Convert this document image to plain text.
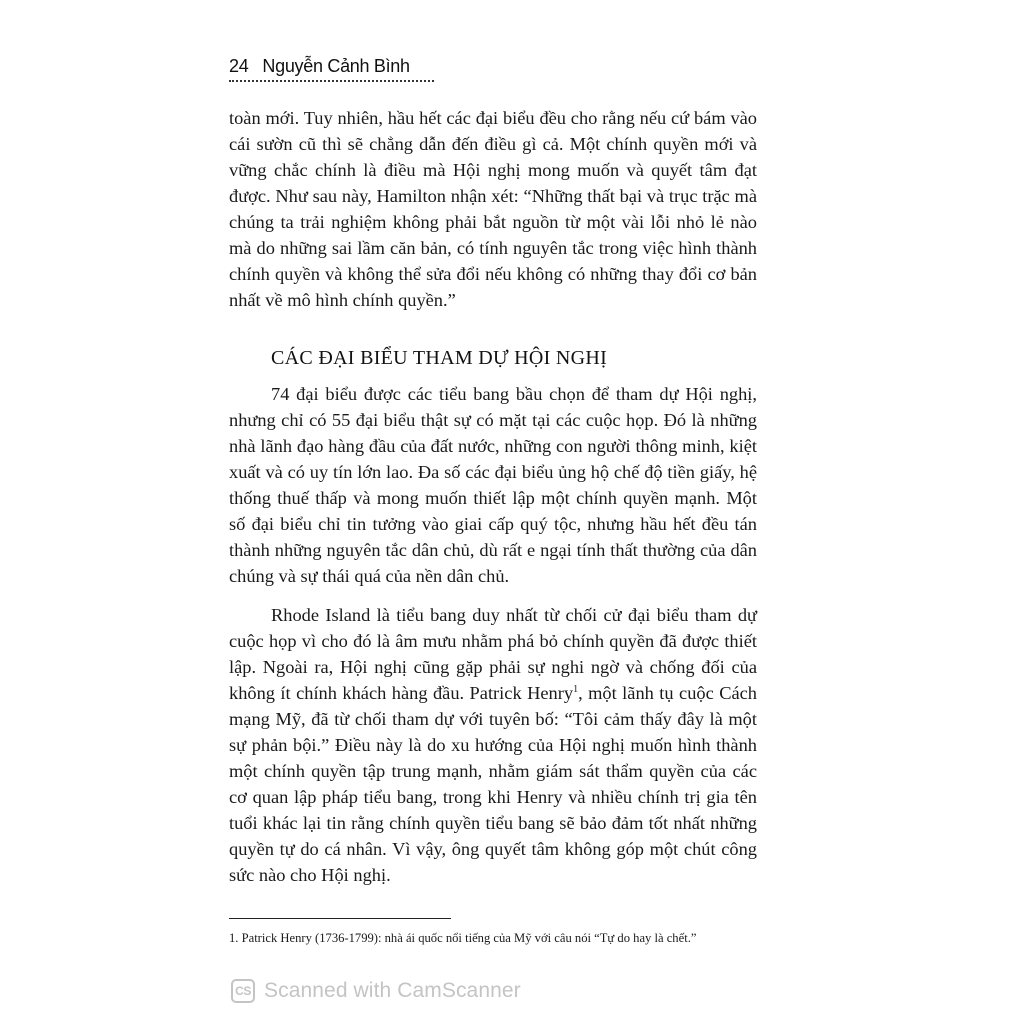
24 Nguyễn Cảnh Bình

toàn mới. Tuy nhiên, hầu hết các đại biểu đều cho rằng nếu cứ bám vào cái sườn cũ thì sẽ chẳng dẫn đến điều gì cả. Một chính quyền mới và vững chắc chính là điều mà Hội nghị mong muốn và quyết tâm đạt được. Như sau này, Hamilton nhận xét: “Những thất bại và trục trặc mà chúng ta trải nghiệm không phải bắt nguồn từ một vài lỗi nhỏ lẻ nào mà do những sai lầm căn bản, có tính nguyên tắc trong việc hình thành chính quyền và không thể sửa đổi nếu không có những thay đổi cơ bản nhất về mô hình chính quyền.”

CÁC ĐẠI BIỂU THAM DỰ HỘI NGHỊ

74 đại biểu được các tiểu bang bầu chọn để tham dự Hội nghị, nhưng chỉ có 55 đại biểu thật sự có mặt tại các cuộc họp. Đó là những nhà lãnh đạo hàng đầu của đất nước, những con người thông minh, kiệt xuất và có uy tín lớn lao. Đa số các đại biểu ủng hộ chế độ tiền giấy, hệ thống thuế thấp và mong muốn thiết lập một chính quyền mạnh. Một số đại biểu chỉ tin tưởng vào giai cấp quý tộc, nhưng hầu hết đều tán thành những nguyên tắc dân chủ, dù rất e ngại tính thất thường của dân chúng và sự thái quá của nền dân chủ.

Rhode Island là tiểu bang duy nhất từ chối cử đại biểu tham dự cuộc họp vì cho đó là âm mưu nhằm phá bỏ chính quyền đã được thiết lập. Ngoài ra, Hội nghị cũng gặp phải sự nghi ngờ và chống đối của không ít chính khách hàng đầu. Patrick Henry$^1$, một lãnh tụ cuộc Cách mạng Mỹ, đã từ chối tham dự với tuyên bố: “Tôi cảm thấy đây là một sự phản bội.” Điều này là do xu hướng của Hội nghị muốn hình thành một chính quyền tập trung mạnh, nhằm giám sát thẩm quyền của các cơ quan lập pháp tiểu bang, trong khi Henry và nhiều chính trị gia tên tuổi khác lại tin rằng chính quyền tiểu bang sẽ bảo đảm tốt nhất những quyền tự do cá nhân. Vì vậy, ông quyết tâm không góp một chút công sức nào cho Hội nghị.

1. Patrick Henry (1736-1799): nhà ái quốc nổi tiếng của Mỹ với câu nói “Tự do hay là chết.”
CS Scanned with CamScanner
